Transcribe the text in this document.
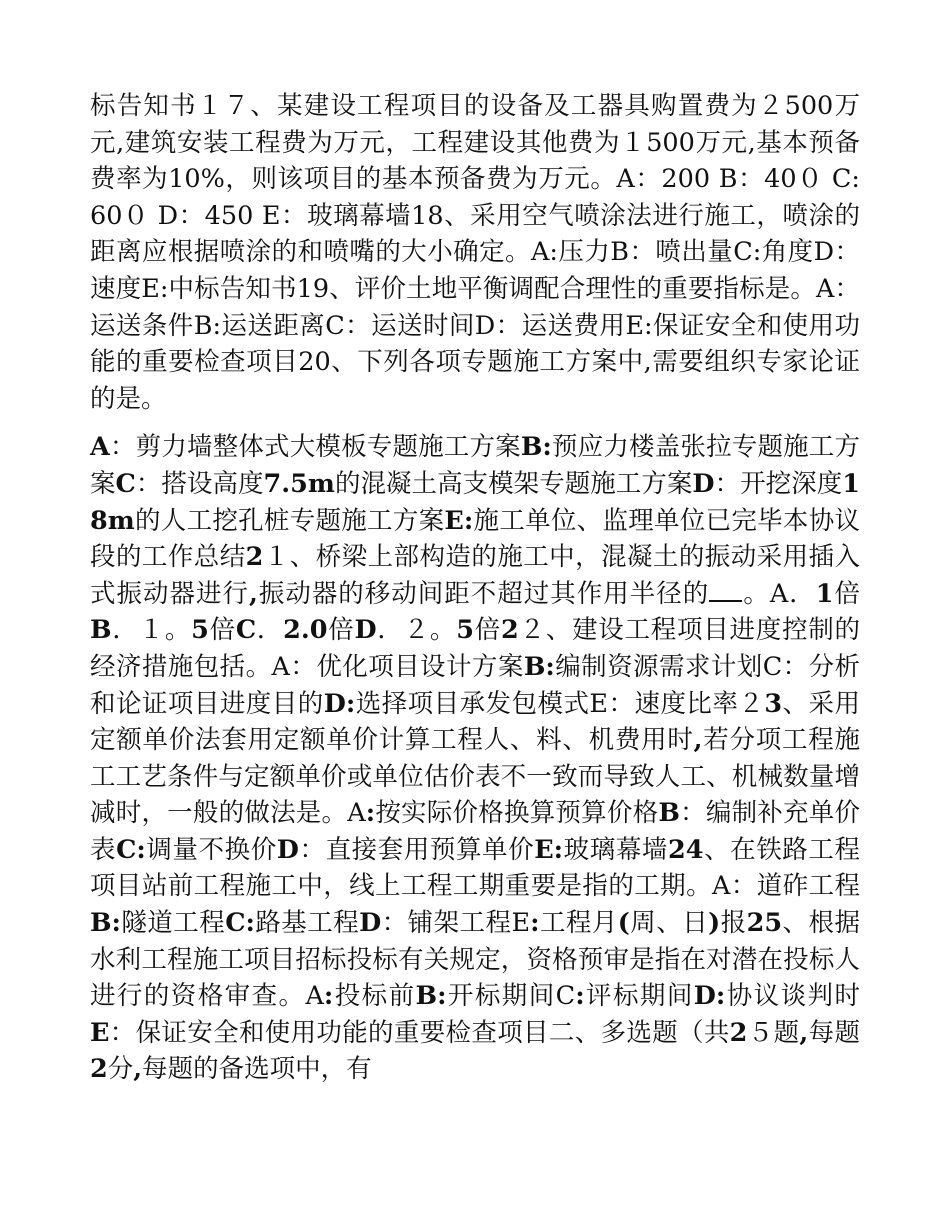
标告知书１７、某建设工程项目的设备及工器具购置费为２500万元,建筑安装工程费为万元，工程建设其他费为１500万元,基本预备费率为10%，则该项目的基本预备费为万元。A：200 B：40０ C:60０ D：450 E：玻璃幕墙18、采用空气喷涂法进行施工，喷涂的距离应根据喷涂的和喷嘴的大小确定。A:压力B：喷出量C:角度D：速度E:中标告知书19、评价土地平衡调配合理性的重要指标是。A：运送条件B:运送距离C：运送时间D：运送费用E:保证安全和使用功能的重要检查项目20、下列各项专题施工方案中,需要组织专家论证的是。

A：剪力墙整体式大模板专题施工方案B:预应力楼盖张拉专题施工方案C：搭设高度7.5m的混凝土高支模架专题施工方案D：开挖深度18m的人工挖孔桩专题施工方案E:施工单位、监理单位已完毕本协议段的工作总结2１、桥梁上部构造的施工中，混凝土的振动采用插入式振动器进行,振动器的移动间距不超过其作用半径的 。A．1倍B．１。5倍C．2.0倍D．２。5倍2２、建设工程项目进度控制的经济措施包括。A：优化项目设计方案B:编制资源需求计划C：分析和论证项目进度目的D:选择项目承发包模式E：速度比率２3、采用定额单价法套用定额单价计算工程人、料、机费用时,若分项工程施工工艺条件与定额单价或单位估价表不一致而导致人工、机械数量增减时，一般的做法是。A:按实际价格换算预算价格B：编制补充单价表C:调量不换价D：直接套用预算单价E:玻璃幕墙24、在铁路工程项目站前工程施工中，线上工程工期重要是指的工期。A：道砟工程B:隧道工程C:路基工程D：铺架工程E:工程月(周、日)报25、根据水利工程施工项目招标投标有关规定，资格预审是指在对潜在投标人进行的资格审查。A:投标前B:开标期间C:评标期间D:协议谈判时E：保证安全和使用功能的重要检查项目二、多选题（共2５题,每题2分,每题的备选项中，有
